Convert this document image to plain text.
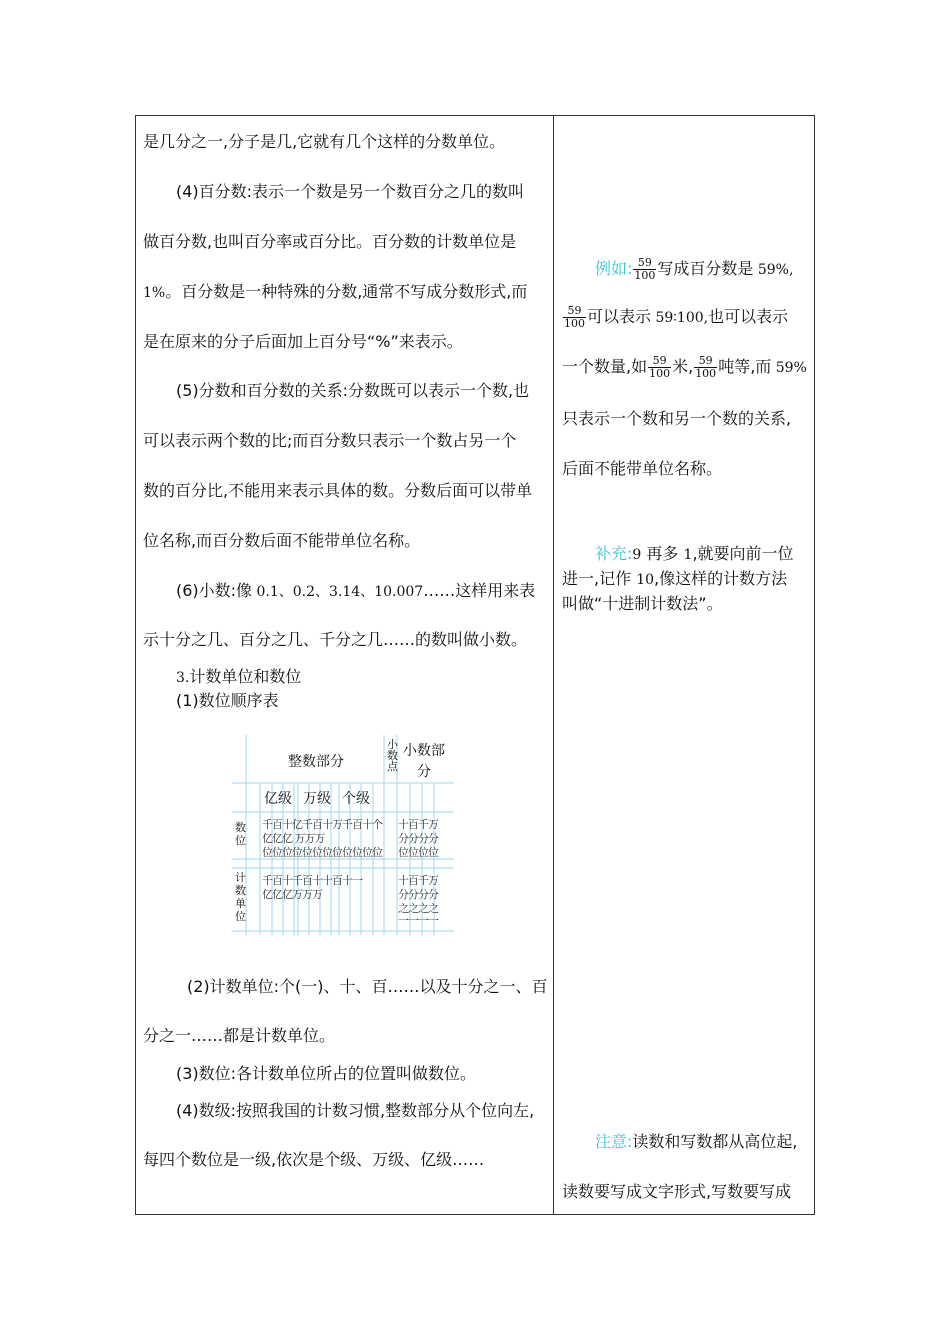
是几分之一,分子是几,它就有几个这样的分数单位。
(4)百分数:表示一个数是另一个数百分之几的数叫
做百分数,也叫百分率或百分比。百分数的计数单位是
1%。百分数是一种特殊的分数,通常不写成分数形式,而
是在原来的分子后面加上百分号“%”来表示。
(5)分数和百分数的关系:分数既可以表示一个数,也
可以表示两个数的比;而百分数只表示一个数占另一个
数的百分比,不能用来表示具体的数。分数后面可以带单
位名称,而百分数后面不能带单位名称。
(6)小数:像 0.1、0.2、3.14、10.007……这样用来表
示十分之几、百分之几、千分之几……的数叫做小数。
3.计数单位和数位
(1)数位顺序表
整数部分
小数点
小数部
分
亿级 万级 个级
数位
计数单位
千百十亿千百十万千百十个
亿亿亿 万万万
位位位位位位位位位位位位
十百千万
分分分分
位位位位
千百十千百十十百十一
亿亿亿万万万
十百千万
分分分分
之之之之
一一一一
(2)计数单位:个(一)、十、百……以及十分之一、百
分之一……都是计数单位。
(3)数位:各计数单位所占的位置叫做数位。
(4)数级:按照我国的计数习惯,整数部分从个位向左,
每四个数位是一级,依次是个级、万级、亿级……
例如: $\frac{59}{100}$ 写成百分数是 59%,
$\frac{59}{100}$ 可以表示 59∶100,也可以表示
一个数量,如 $\frac{59}{100}$ 米, $\frac{59}{100}$ 吨等,而 59%
只表示一个数和另一个数的关系,
后面不能带单位名称。
补充:9 再多 1,就要向前一位
进一,记作 10,像这样的计数方法
叫做“十进制计数法”。
注意:读数和写数都从高位起,
读数要写成文字形式,写数要写成
